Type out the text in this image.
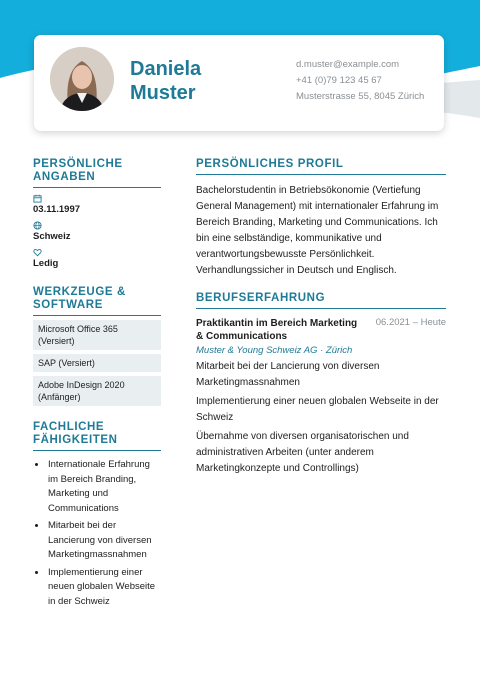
Daniela
Muster
d.muster@example.com
+41 (0)79 123 45 67
Musterstrasse 55, 8045 Zürich
PERSÖNLICHE ANGABEN
03.11.1997
Schweiz
Ledig
WERKZEUGE & SOFTWARE
Microsoft Office 365 (Versiert)
SAP (Versiert)
Adobe InDesign 2020 (Anfänger)
FACHLICHE FÄHIGKEITEN
• Internationale Erfahrung im Bereich Branding, Marketing und Communications
• Mitarbeit bei der Lancierung von diversen Marketingmassnahmen
• Implementierung einer neuen globalen Webseite in der Schweiz
PERSÖNLICHES PROFIL
Bachelorstudentin in Betriebsökonomie (Vertiefung General Management) mit internationaler Erfahrung im Bereich Branding, Marketing und Communications. Ich bin eine selbständige, kommunikative und verantwortungsbewusste Persönlichkeit. Verhandlungssicher in Deutsch und Englisch.
BERUFSERFAHRUNG
Praktikantin im Bereich Marketing & Communications
06.2021 – Heute
Muster & Young Schweiz AG · Zürich
Mitarbeit bei der Lancierung von diversen Marketingmassnahmen
Implementierung einer neuen globalen Webseite in der Schweiz
Übernahme von diversen organisatorischen und administrativen Arbeiten (unter anderem Marketingkonzepte und Controllings)
